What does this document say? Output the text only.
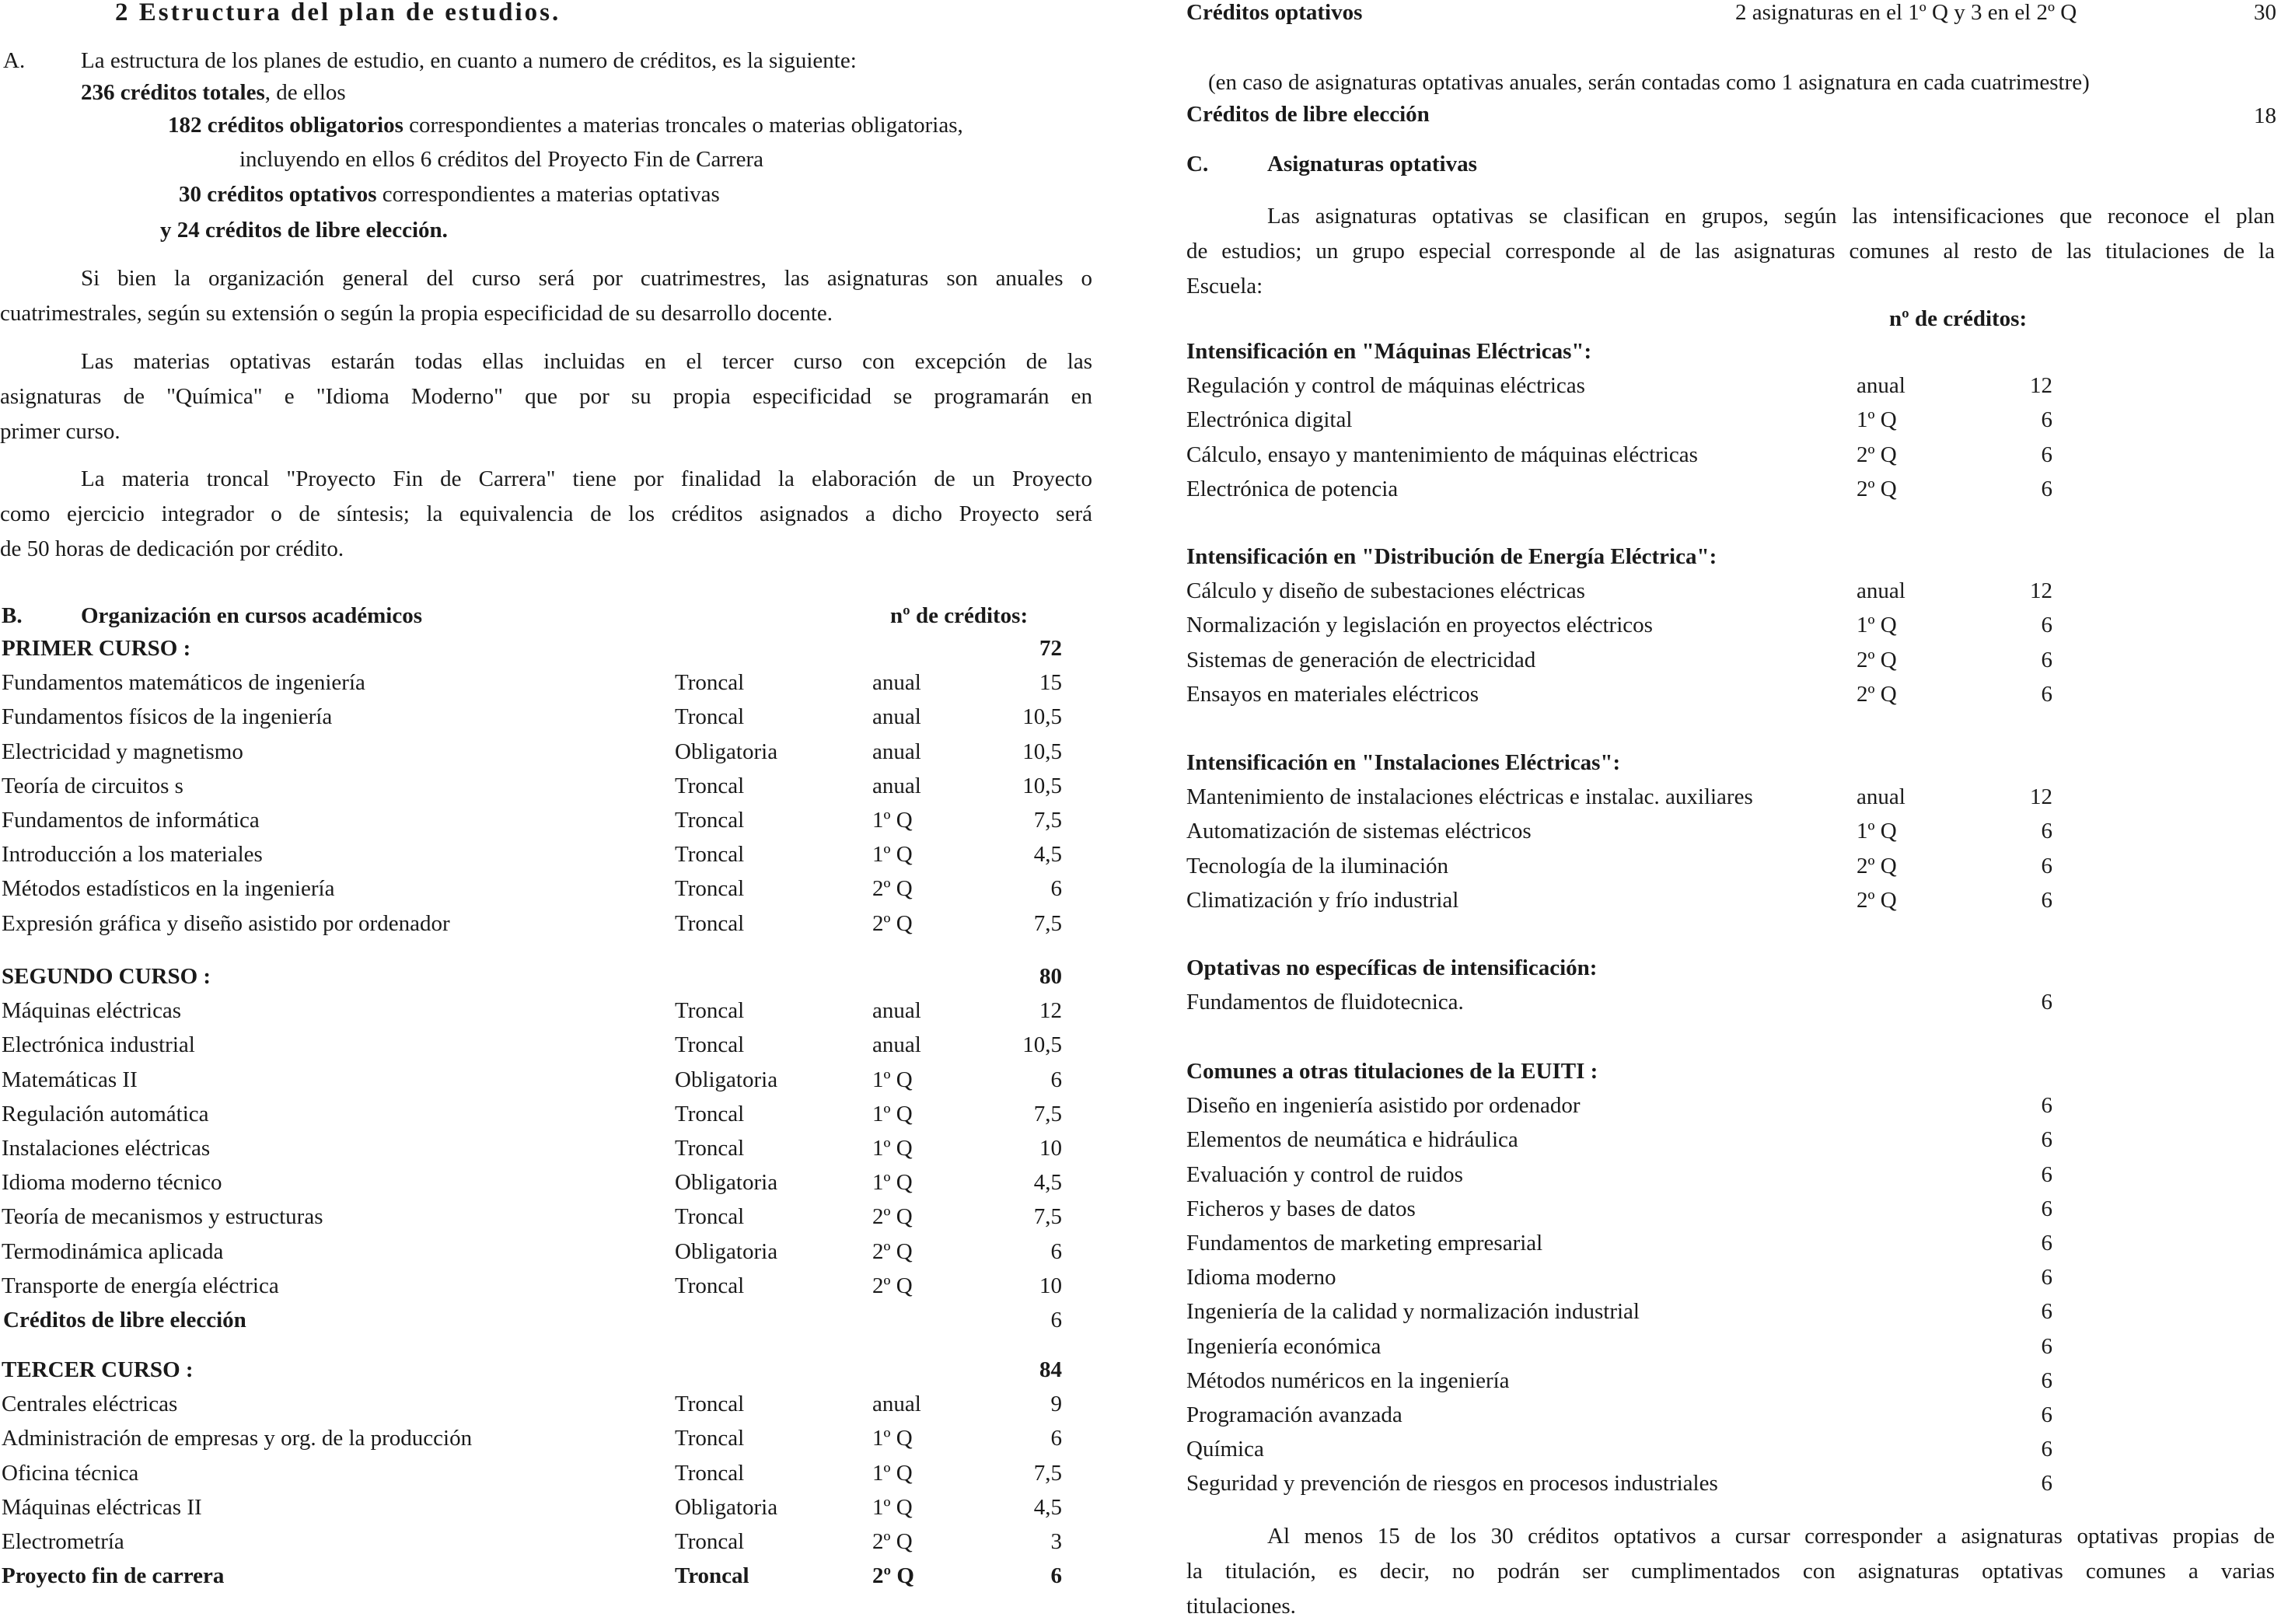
2 Estructura del plan de estudios.
A. La estructura de los planes de estudio, en cuanto a numero de créditos, es la siguiente:
236 créditos totales, de ellos
182 créditos obligatorios correspondientes a materias troncales o materias obligatorias,
incluyendo en ellos 6 créditos del Proyecto Fin de Carrera
30 créditos optativos correspondientes a materias optativas
y 24 créditos de libre elección.
Si bien la organización general del curso será por cuatrimestres, las asignaturas son anuales o
cuatrimestrales, según su extensión o según la propia especificidad de su desarrollo docente.
Las materias optativas estarán todas ellas incluidas en el tercer curso con excepción de las
asignaturas de "Química" e "Idioma Moderno" que por su propia especificidad se programarán en
primer curso.
La materia troncal "Proyecto Fin de Carrera" tiene por finalidad la elaboración de un Proyecto
como ejercicio integrador o de síntesis; la equivalencia de los créditos asignados a dicho Proyecto será
de 50 horas de dedicación por crédito.
B.	Organización en cursos académicos	nº de créditos:
PRIMER CURSO :	72
Fundamentos matemáticos de ingeniería	Troncal	anual	15
Fundamentos físicos de la ingeniería	Troncal	anual	10,5
Electricidad y magnetismo	Obligatoria	anual	10,5
Teoría de circuitos s	Troncal	anual	10,5
Fundamentos de informática	Troncal	1º Q	7,5
Introducción a los materiales	Troncal	1º Q	4,5
Métodos estadísticos en la ingeniería	Troncal	2º Q	6
Expresión gráfica y diseño asistido por ordenador	Troncal	2º Q	7,5
SEGUNDO CURSO :	80
Máquinas eléctricas	Troncal	anual	12
Electrónica industrial	Troncal	anual	10,5
Matemáticas II	Obligatoria	1º Q	6
Regulación automática	Troncal	1º Q	7,5
Instalaciones eléctricas	Troncal	1º Q	10
Idioma moderno técnico	Obligatoria	1º Q	4,5
Teoría de mecanismos y estructuras	Troncal	2º Q	7,5
Termodinámica aplicada	Obligatoria	2º Q	6
Transporte de energía eléctrica	Troncal	2º Q	10
Créditos de libre elección	6
TERCER CURSO :	84
Centrales eléctricas	Troncal	anual	9
Administración de empresas y org. de la producción	Troncal	1º Q	6
Oficina técnica	Troncal	1º Q	7,5
Máquinas eléctricas II	Obligatoria	1º Q	4,5
Electrometría	Troncal	2º Q	3
Proyecto fin de carrera	Troncal	2º Q	6
Créditos optativos	2 asignaturas en el 1º Q y 3 en el 2º Q	30
(en caso de asignaturas optativas anuales, serán contadas como 1 asignatura en cada cuatrimestre)
Créditos de libre elección	18
C.	Asignaturas optativas
Las asignaturas optativas se clasifican en grupos, según las intensificaciones que reconoce el plan
de estudios; un grupo especial corresponde al de las asignaturas comunes al resto de las titulaciones de la
Escuela:
nº de créditos:
Intensificación en "Máquinas Eléctricas":
Regulación y control de máquinas eléctricas	anual	12
Electrónica digital	1º Q	6
Cálculo, ensayo y mantenimiento de máquinas eléctricas	2º Q	6
Electrónica de potencia	2º Q	6
Intensificación en "Distribución de Energía Eléctrica":
Cálculo y diseño de subestaciones eléctricas	anual	12
Normalización y legislación en proyectos eléctricos	1º Q	6
Sistemas de generación de electricidad	2º Q	6
Ensayos en materiales eléctricos	2º Q	6
Intensificación en "Instalaciones Eléctricas":
Mantenimiento de instalaciones eléctricas e instalac. auxiliares	anual	12
Automatización de sistemas eléctricos	1º Q	6
Tecnología de la iluminación	2º Q	6
Climatización y frío industrial	2º Q	6
Optativas no específicas de intensificación:
Fundamentos de fluidotecnica.	6
Comunes a otras titulaciones de la EUITI :
Diseño en ingeniería asistido por ordenador	6
Elementos de neumática e hidráulica	6
Evaluación y control de ruidos	6
Ficheros y bases de datos	6
Fundamentos de marketing empresarial	6
Idioma moderno	6
Ingeniería de la calidad y normalización industrial	6
Ingeniería económica	6
Métodos numéricos en la ingeniería	6
Programación avanzada	6
Química	6
Seguridad y prevención de riesgos en procesos industriales	6
Al menos 15 de los 30 créditos optativos a cursar corresponder a asignaturas optativas propias de
la titulación, es decir, no podrán ser cumplimentados con asignaturas optativas comunes a varias
titulaciones.
